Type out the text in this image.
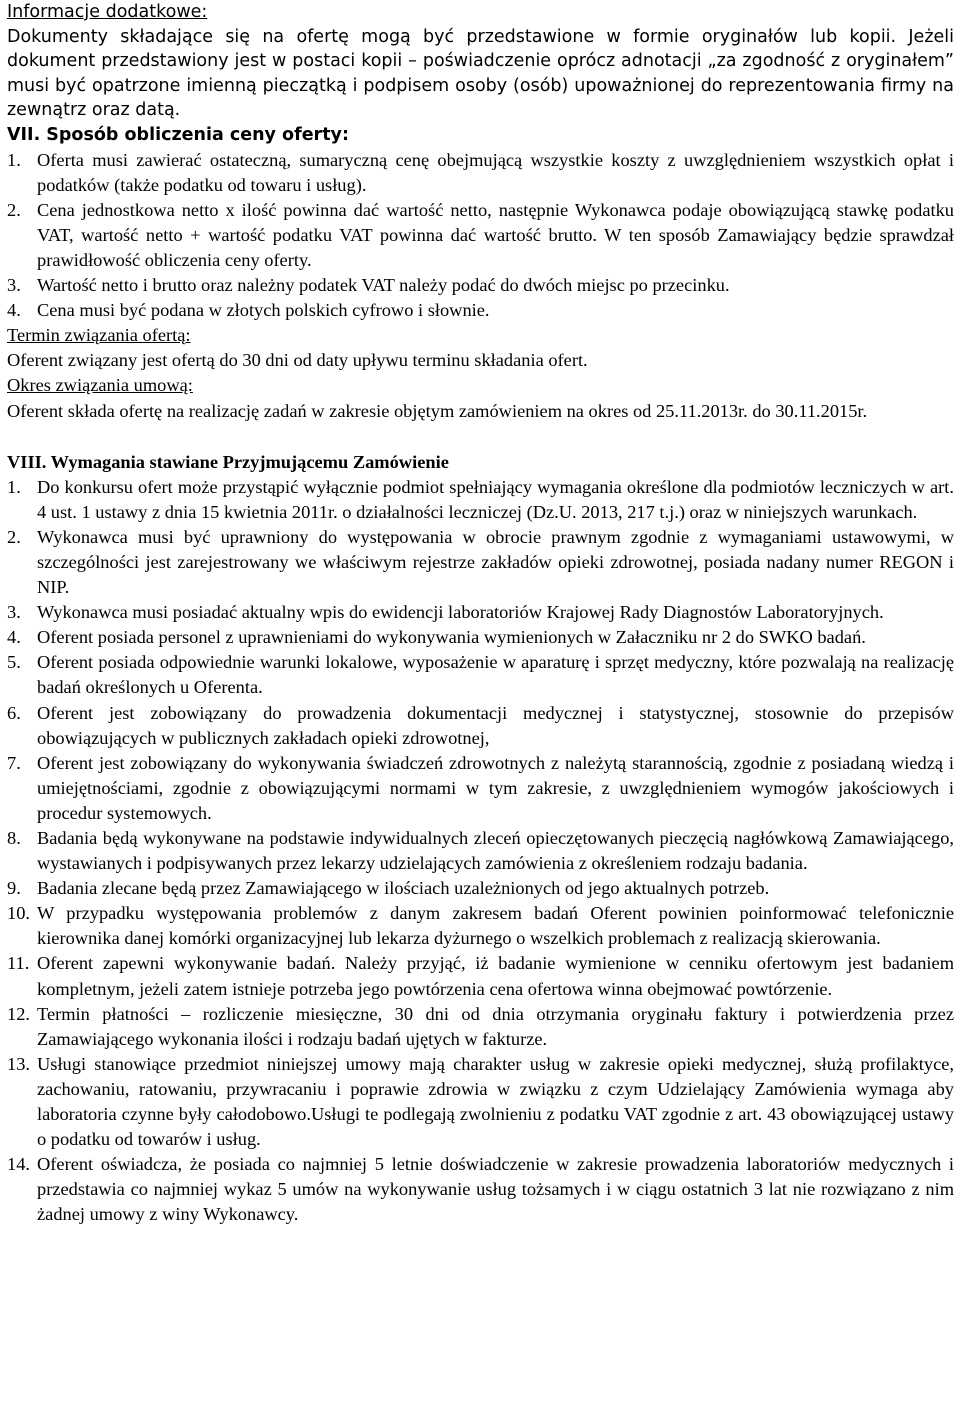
Informacje dodatkowe:

Dokumenty składające się na ofertę mogą być przedstawione w formie oryginałów lub kopii. Jeżeli dokument przedstawiony jest w postaci kopii – poświadczenie oprócz adnotacji „za zgodność z oryginałem” musi być opatrzone imienną pieczątką i podpisem osoby (osób) upoważnionej do reprezentowania firmy na zewnątrz oraz datą.

VII. Sposób obliczenia ceny oferty:

1. Oferta musi zawierać ostateczną, sumaryczną cenę obejmującą wszystkie koszty z uwzględnieniem wszystkich opłat i podatków (także podatku od towaru i usług).
2. Cena jednostkowa netto x ilość powinna dać wartość netto, następnie Wykonawca podaje obowiązującą stawkę podatku VAT, wartość netto + wartość podatku VAT powinna dać wartość brutto. W ten sposób Zamawiający będzie sprawdzał prawidłowość obliczenia ceny oferty.
3. Wartość netto i brutto oraz należny podatek VAT należy podać do dwóch miejsc po przecinku.
4. Cena musi być podana w złotych polskich cyfrowo i słownie.

Termin związania ofertą:

Oferent związany jest ofertą do 30 dni od daty upływu terminu składania ofert.

Okres związania umową:

Oferent składa ofertę na realizację zadań w zakresie objętym zamówieniem na okres od 25.11.2013r. do 30.11.2015r.

VIII. Wymagania stawiane Przyjmującemu Zamówienie

1. Do konkursu ofert może przystąpić wyłącznie podmiot spełniający wymagania określone dla podmiotów leczniczych w art. 4 ust. 1 ustawy z dnia 15 kwietnia 2011r. o działalności leczniczej (Dz.U. 2013, 217 t.j.) oraz w niniejszych warunkach.
2. Wykonawca musi być uprawniony do występowania w obrocie prawnym zgodnie z wymaganiami ustawowymi, w szczególności jest zarejestrowany we właściwym rejestrze zakładów opieki zdrowotnej, posiada nadany numer REGON i NIP.
3. Wykonawca musi posiadać aktualny wpis do ewidencji laboratoriów Krajowej Rady Diagnostów Laboratoryjnych.
4. Oferent posiada personel z uprawnieniami do wykonywania wymienionych w Załaczniku nr 2 do SWKO badań.
5. Oferent posiada odpowiednie warunki lokalowe, wyposażenie w aparaturę i sprzęt medyczny, które pozwalają na realizację badań określonych u Oferenta.
6. Oferent jest zobowiązany do prowadzenia dokumentacji medycznej i statystycznej, stosownie do przepisów obowiązujących w publicznych zakładach opieki zdrowotnej,
7. Oferent jest zobowiązany do wykonywania świadczeń zdrowotnych z należytą starannością, zgodnie z posiadaną wiedzą i umiejętnościami, zgodnie z obowiązującymi normami w tym zakresie, z uwzględnieniem wymogów jakościowych i procedur systemowych.
8. Badania będą wykonywane na podstawie indywidualnych zleceń opieczętowanych pieczęcią nagłówkową Zamawiającego, wystawianych i podpisywanych przez lekarzy udzielających zamówienia z określeniem rodzaju badania.
9. Badania zlecane będą przez Zamawiającego w ilościach uzależnionych od jego aktualnych potrzeb.
10. W przypadku występowania problemów z danym zakresem badań Oferent powinien poinformować telefonicznie kierownika danej komórki organizacyjnej lub lekarza dyżurnego o wszelkich problemach z realizacją skierowania.
11. Oferent zapewni wykonywanie badań. Należy przyjąć, iż badanie wymienione w cenniku ofertowym jest badaniem kompletnym, jeżeli zatem istnieje potrzeba jego powtórzenia cena ofertowa winna obejmować powtórzenie.
12. Termin płatności – rozliczenie miesięczne, 30 dni od dnia otrzymania oryginału faktury i potwierdzenia przez Zamawiającego wykonania ilości i rodzaju badań ujętych w fakturze.
13. Usługi stanowiące przedmiot niniejszej umowy mają charakter usług w zakresie opieki medycznej, służą profilaktyce, zachowaniu, ratowaniu, przywracaniu i poprawie zdrowia w związku z czym Udzielający Zamówienia wymaga aby laboratoria czynne były całodobowo.Usługi te podlegają zwolnieniu z podatku VAT zgodnie z art. 43 obowiązującej ustawy o podatku od towarów i usług.
14. Oferent oświadcza, że posiada co najmniej 5 letnie doświadczenie w zakresie prowadzenia laboratoriów medycznych i przedstawia co najmniej wykaz 5 umów na wykonywanie usług tożsamych i w ciągu ostatnich 3 lat nie rozwiązano z nim żadnej umowy z winy Wykonawcy.
